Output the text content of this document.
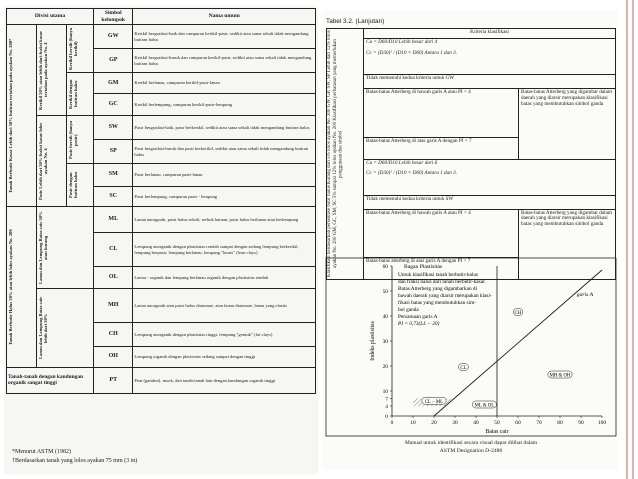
Divisi utama			Simbol kelompok	Nama umum

Tanah Berbutir Kasar Lebih dari 50% butiran tertahan pada ayakan No. 200*	Kerikil 50% atau lebih dari fraksi kasar tertahan pada ayakan No. 4	Kerikil bersih (hanya kerikil)	GW	Kerikil bergradasi-baik dan campuran kerikil-pasir, sedikit atau sama sekali tidak mengandung butiran halus
			GP	Kerikil bergradasi-buruk dan campuran kerikil-pasir, sedikit atau sama sekali tidak mengandung butiran halus

		Kerikil dengan butiran halus	GM	Kerikil berlanau, campuran kerikil-pasir-lanau
			GC	Kerikil berlempung, campuran kerikil-pasir-lempung

	Pasir Lebih dari 50% fraksi kasar lolos ayakan No. 4	Pasir bersih (hanya pasir)	SW	Pasir bergradasi-baik, pasir berkerikil, sedikit atau sama sekali tidak mengandung butiran halus
			SP	Pasir bergradasi-buruk dan pasir berkerikil, sedikit atau sama sekali tidak mengandung butiran halus

		Pasir dengan butiran halus	SM	Pasir berlanau, campuran pasir-lanau
			SC	Pasir berlempung, campuran pasir - lempung

Tanah Berbutir Halus 50% atau lebih lolos ayakan No. 200	Lanau dan Lempung Batas cair 50% atau kurang		ML	Lanau anorganik, pasir halus sekali, serbuk batuan, pasir halus berlanau atau berlempung
			CL	Lempung anorganik dengan plastisitas rendah sampai dengan sedang lempung berkerikil, lempung berpasir, lempung berlanau, lempung "kurus" (lean clays)
			OL	Lanau - organik dan lempung berlanau organik dengan plastisitas rendah

	Lanau dan Lempung Batas cair lebih dari 50%		MH	Lanau anorganik atau pasir halus diatomae, atau lanau diatomae, lanau yang elastis
			CH	Lempung anorganik dengan plastisitas tinggi, lempung "gemuk" (fat clays)
			OH	Lempung organik dengan plastisitas sedang sampai dengan tinggi
Tanah-tanah dengan kandungan organik sangat tinggi			PT	Peat (gambut), muck, dan tanah-tanah lain dengan kandungan organik tinggi
*Menurut ASTM (1982)
†Berdasarkan tanah yang lolos ayakan 75 mm (3 in)
Tabel 3.2. (Lanjutan)
Klasifikasi berdasarkan persentase butir halus Kurang dari 5% lolos ayakan No. 200 GW, GP, SW, SP Lebih dari 12% lolos ayakan No. 200 GM, GC, SM, SC 5% sampai 12% lolos ayakan No. 200 Klasifikasi perbatasan yang memerlukan penggunaan dua simbol	Kriteria klasifikasi	

	Cu = D60/D10 Lebih besar dari 4
Cc = (D30)² / (D10 × D60) Antara 1 dan 3.	

	Tidak memenuhi kedua kriteria untuk GW	
	Batas-batas Atterberg di bawah garis A atau PI < 4	Batas-batas Atterberg yang digambar dalam daerah yang diarsir merupakan klasifikasi batas yang membutuhkan simbol ganda
	Batas-batas Atterberg di atas garis A dengan PI > 7	

	Cu = D60/D10 Lebih besar dari 6
Cc = (D30)² / (D10 × D60) Antara 1 dan 3.	

	Tidak memenuhi kedua kriteria untuk SW	
	Batas-batas Atterberg di bawah garis A atau PI < 4	Batas-batas Atterberg yang digambar dalam daerah yang diarsir merupakan klasifikasi batas yang membutuhkan simbol ganda
	Batas-batas atterberg di atas garis A dengan PI > 7	
0	10	20	30	40	50	60	70	80	90	100
0
4
7
10
20
30
40
50
60
garis A
CH
CL
MH & OH
CL − ML
ML & OL
Bagan Plastisitas
Untuk klasifikasi tanah berbutir-halus
dan fraksi halus dari tanah berbutir-kasar.
Batas Atterberg yang digambarkan di
bawah daerah yang diarsir merupakan klasi-
fikasi batas yang membutuhkan sim-
bol ganda
Persamaan garis A
PI = 0,73(LL − 20)
Batas cair
Indeks plastisitas
Manual untuk identifikasi secara visual dapat dilihat dalam
ASTM Designation D-2488
